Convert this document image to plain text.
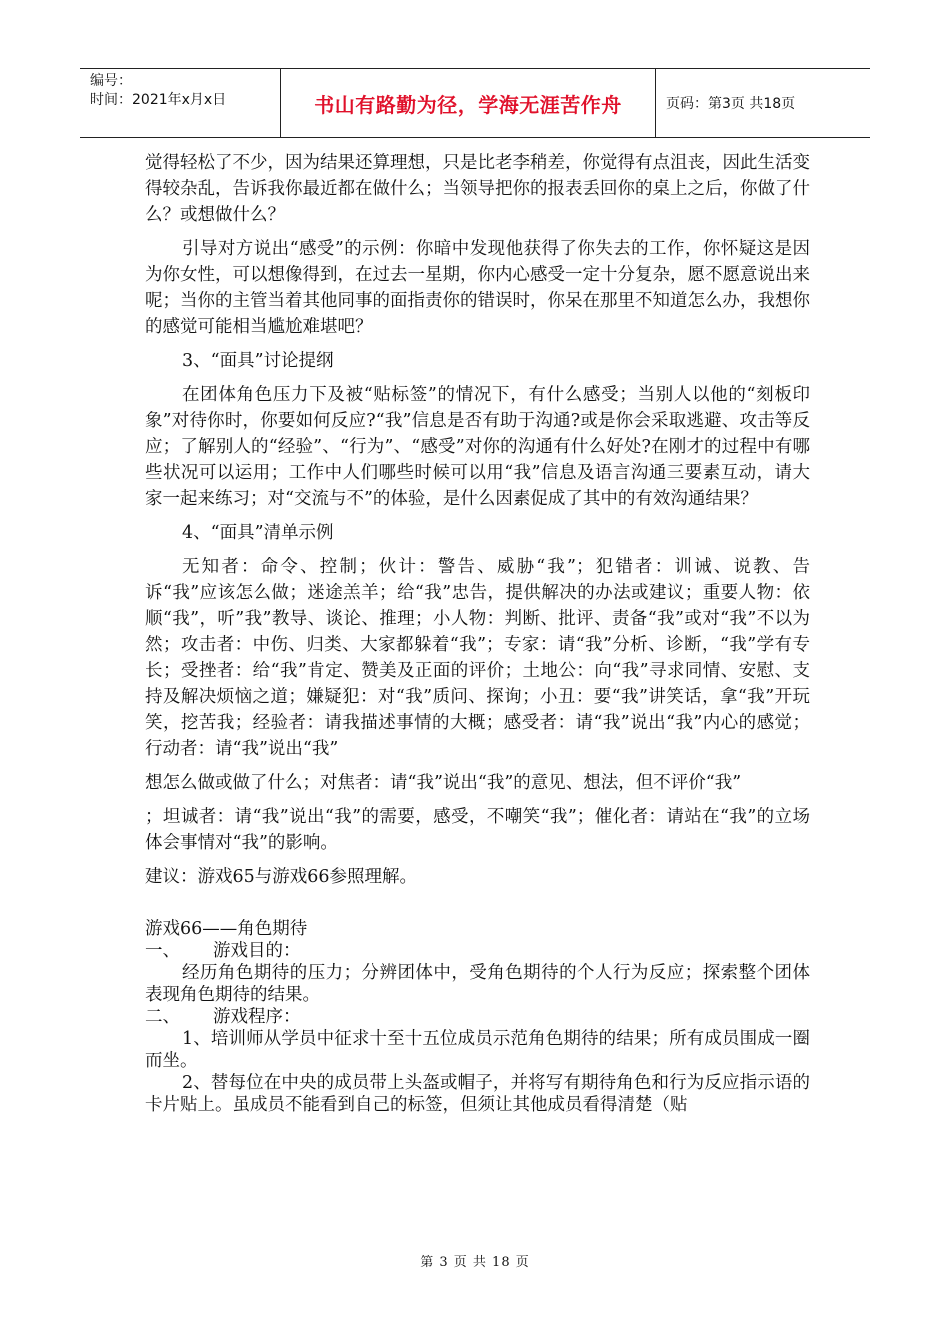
编号：
时间：2021年x月x日	书山有路勤为径，学海无涯苦作舟	页码：第3页 共18页

觉得轻松了不少，因为结果还算理想，只是比老李稍差，你觉得有点沮丧，因此生活变得较杂乱，告诉我你最近都在做什么；当领导把你的报表丢回你的桌上之后，你做了什么？或想做什么？

引导对方说出“感受”的示例：你暗中发现他获得了你失去的工作，你怀疑这是因为你女性，可以想像得到，在过去一星期，你内心感受一定十分复杂，愿不愿意说出来呢；当你的主管当着其他同事的面指责你的错误时，你呆在那里不知道怎么办，我想你的感觉可能相当尴尬难堪吧？

3、“面具”讨论提纲

在团体角色压力下及被“贴标签”的情况下，有什么感受；当别人以他的“刻板印象”对待你时，你要如何反应?“我”信息是否有助于沟通?或是你会采取逃避、攻击等反应；了解别人的“经验”、“行为”、“感受”对你的沟通有什么好处?在刚才的过程中有哪些状况可以运用；工作中人们哪些时候可以用“我”信息及语言沟通三要素互动，请大家一起来练习；对“交流与不”的体验，是什么因素促成了其中的有效沟通结果？

4、“面具”清单示例

无知者：命令、控制；伙计：警告、威胁“我”；犯错者：训诫、说教、告诉“我”应该怎么做；迷途羔羊；给“我”忠告，提供解决的办法或建议；重要人物：依顺“我”，听”我”教导、谈论、推理；小人物：判断、批评、责备“我”或对“我”不以为然；攻击者：中伤、归类、大家都躲着“我”；专家：请“我”分析、诊断，“我”学有专长；受挫者：给“我”肯定、赞美及正面的评价；土地公：向“我”寻求同情、安慰、支持及解决烦恼之道；嫌疑犯：对“我”质问、探询；小丑：要“我”讲笑话，拿“我”开玩笑，挖苦我；经验者：请我描述事情的大概；感受者：请“我”说出“我”内心的感觉；行动者：请“我”说出“我”

想怎么做或做了什么；对焦者：请“我”说出“我”的意见、想法，但不评价“我”

；坦诚者：请“我”说出“我”的需要，感受，不嘲笑“我”；催化者：请站在“我”的立场体会事情对“我”的影响。

建议：游戏65与游戏66参照理解。

游戏66——角色期待

一、	游戏目的：

经历角色期待的压力；分辨团体中，受角色期待的个人行为反应；探索整个团体表现角色期待的结果。

二、	游戏程序：

1、培训师从学员中征求十至十五位成员示范角色期待的结果；所有成员围成一圈而坐。

2、替每位在中央的成员带上头盔或帽子，并将写有期待角色和行为反应指示语的卡片贴上。虽成员不能看到自己的标签，但须让其他成员看得清楚（贴

第 3 页 共 18 页
